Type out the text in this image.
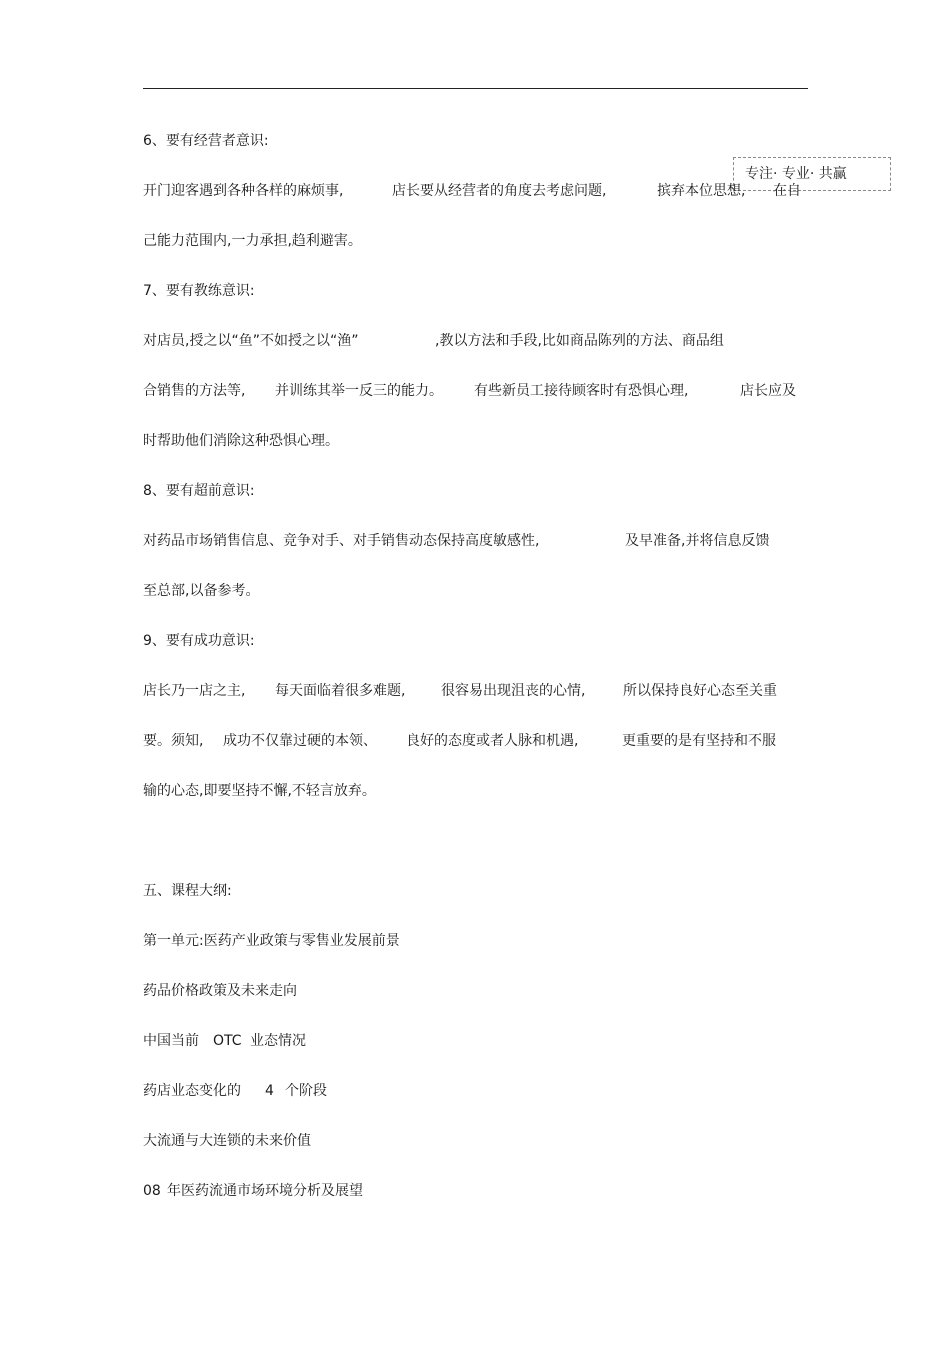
专注· 专业· 共赢
6、要有经营者意识:
开门迎客遇到各种各样的麻烦事,	店长要从经营者的角度去考虑问题,	摈弃本位思想, 在自
己能力范围内,一力承担,趋利避害。
7、要有教练意识:
对店员,授之以“鱼”不如授之以“渔”	,教以方法和手段,比如商品陈列的方法、商品组
合销售的方法等, 并训练其举一反三的能力。 有些新员工接待顾客时有恐惧心理,	店长应及
时帮助他们消除这种恐惧心理。
8、要有超前意识:
对药品市场销售信息、竞争对手、对手销售动态保持高度敏感性,	及早准备,并将信息反馈
至总部,以备参考。
9、要有成功意识:
店长乃一店之主, 每天面临着很多难题,	很容易出现沮丧的心情,	所以保持良好心态至关重
要。须知, 成功不仅靠过硬的本领、 良好的态度或者人脉和机遇,	更重要的是有坚持和不服
输的心态,即要坚持不懈,不轻言放弃。
五、课程大纲:
第一单元:医药产业政策与零售业发展前景
药品价格政策及未来走向
中国当前 OTC 业态情况
药店业态变化的 4 个阶段
大流通与大连锁的未来价值
08 年医药流通市场环境分析及展望
